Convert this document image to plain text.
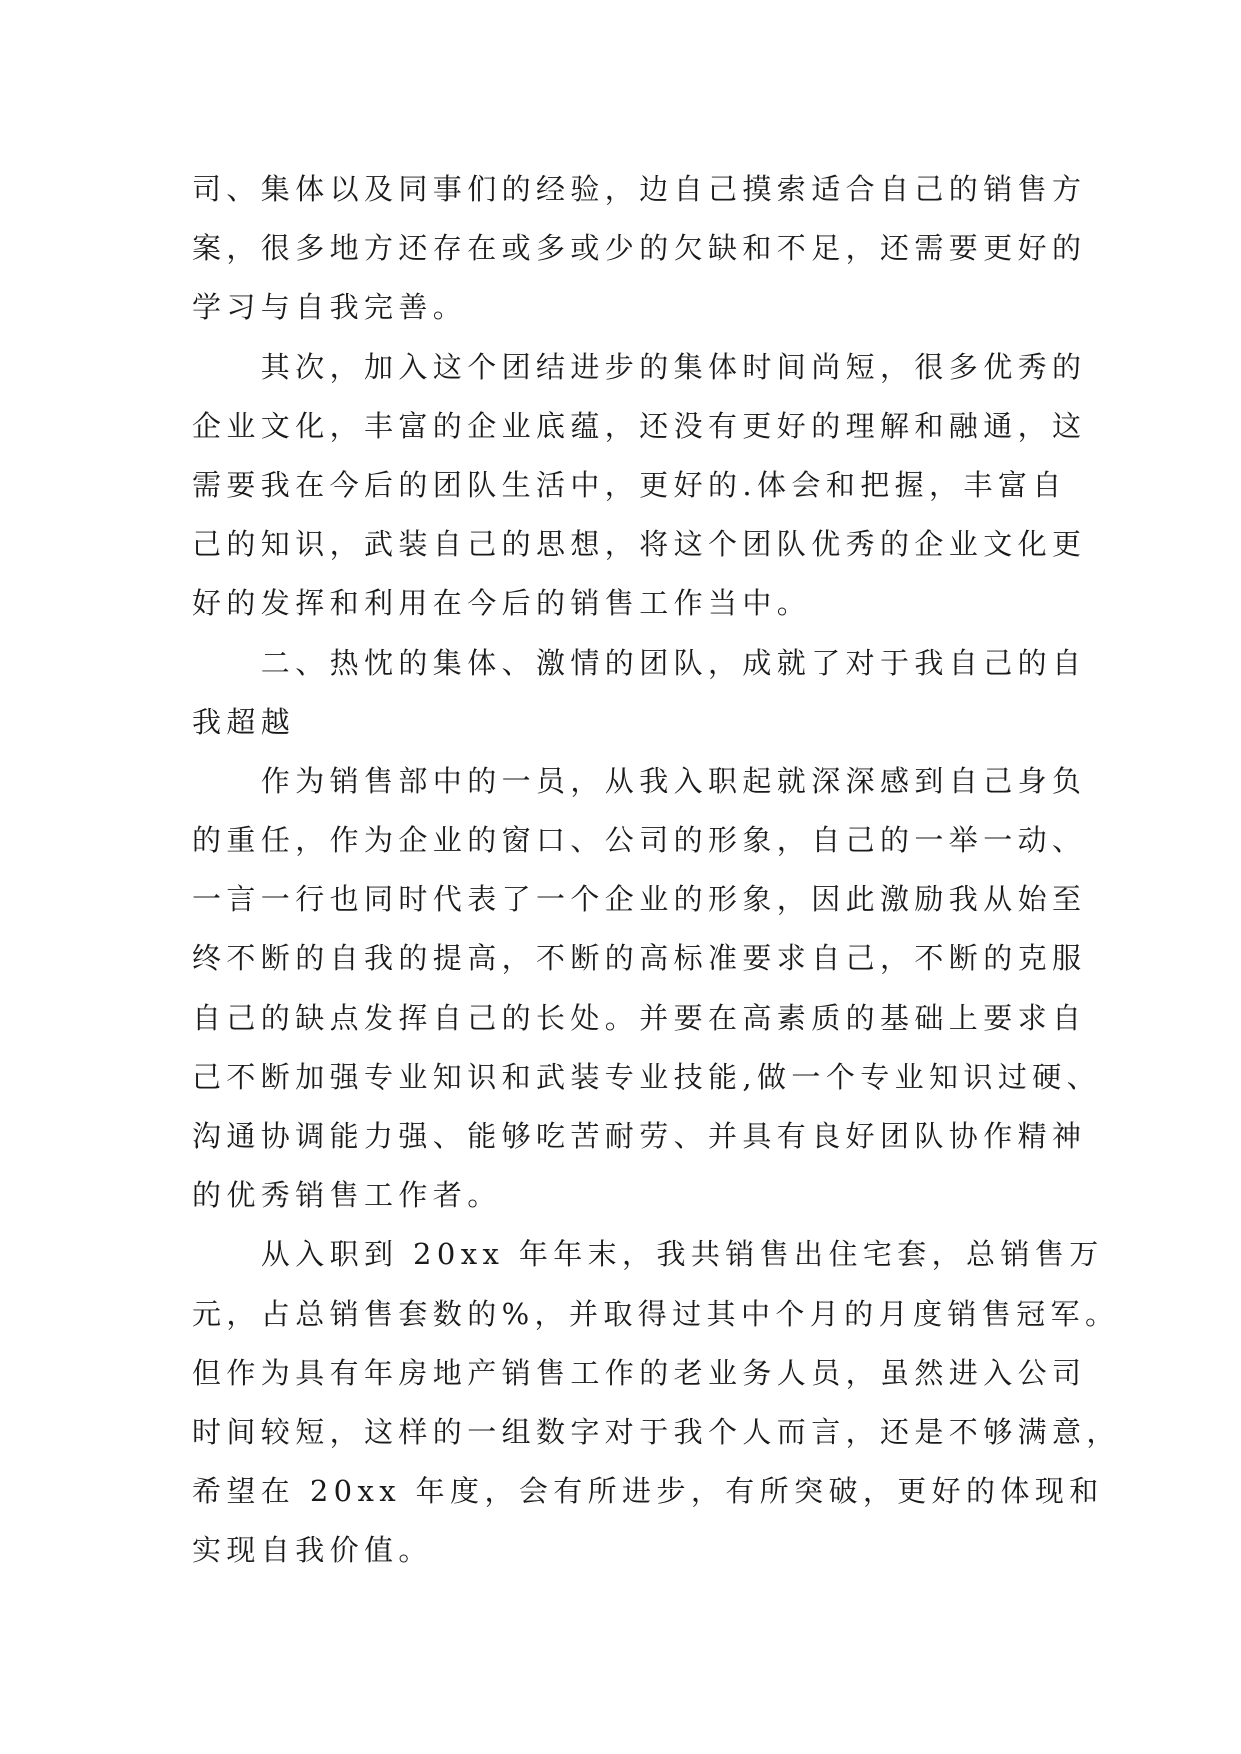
司、集体以及同事们的经验，边自己摸索适合自己的销售方
案，很多地方还存在或多或少的欠缺和不足，还需要更好的
学习与自我完善。
　　其次，加入这个团结进步的集体时间尚短，很多优秀的
企业文化，丰富的企业底蕴，还没有更好的理解和融通，这
需要我在今后的团队生活中，更好的.体会和把握，丰富自
己的知识，武装自己的思想，将这个团队优秀的企业文化更
好的发挥和利用在今后的销售工作当中。
　　二、热忱的集体、激情的团队，成就了对于我自己的自
我超越
　　作为销售部中的一员，从我入职起就深深感到自己身负
的重任，作为企业的窗口、公司的形象，自己的一举一动、
一言一行也同时代表了一个企业的形象，因此激励我从始至
终不断的自我的提高，不断的高标准要求自己，不断的克服
自己的缺点发挥自己的长处。并要在高素质的基础上要求自
己不断加强专业知识和武装专业技能,做一个专业知识过硬、
沟通协调能力强、能够吃苦耐劳、并具有良好团队协作精神
的优秀销售工作者。
　　从入职到 20xx 年年末，我共销售出住宅套，总销售万
元，占总销售套数的%，并取得过其中个月的月度销售冠军。
但作为具有年房地产销售工作的老业务人员，虽然进入公司
时间较短，这样的一组数字对于我个人而言，还是不够满意，
希望在 20xx 年度，会有所进步，有所突破，更好的体现和
实现自我价值。
